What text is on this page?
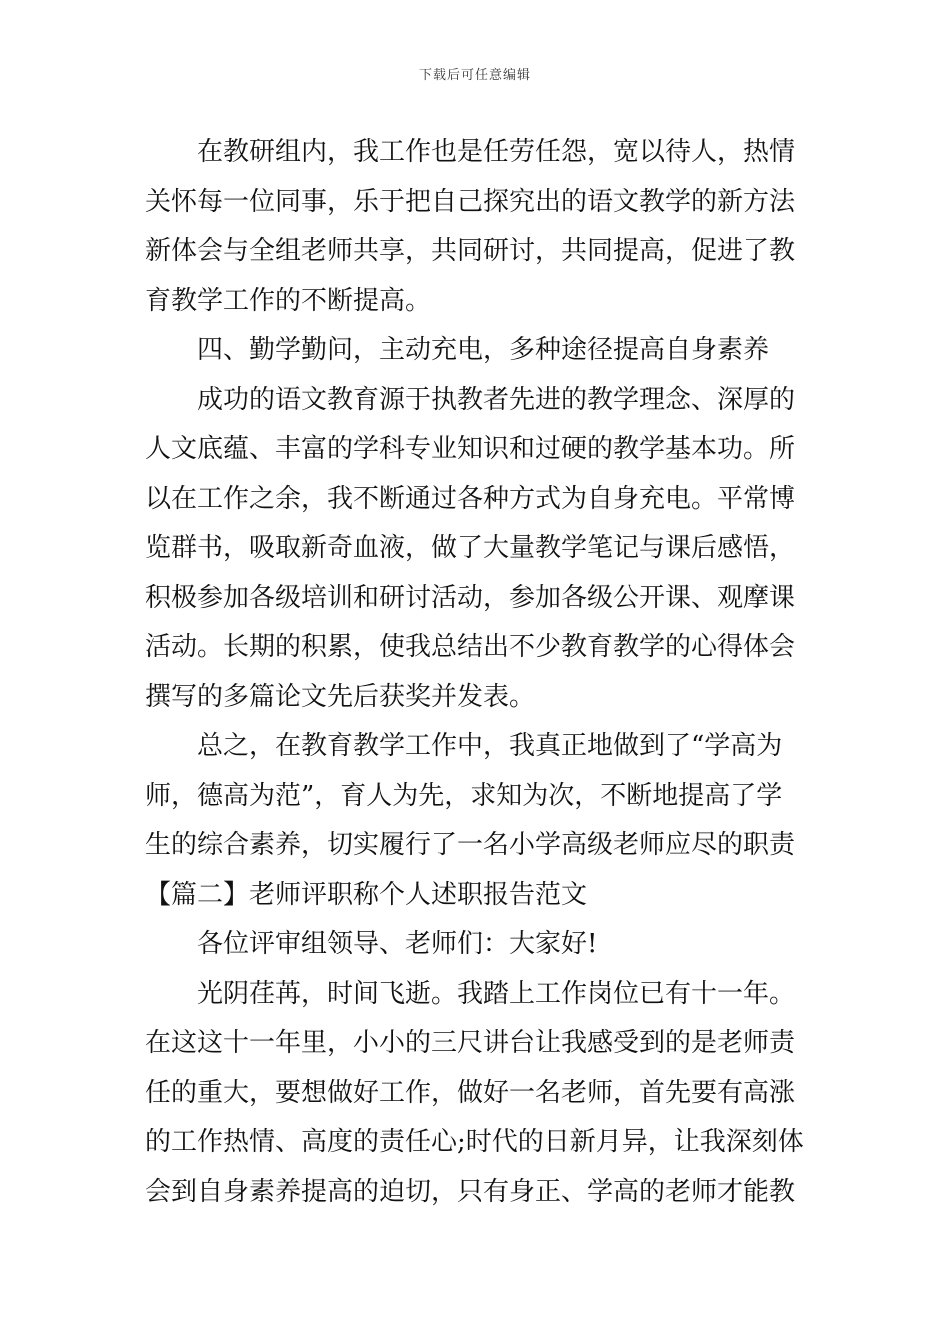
下载后可任意编辑

在教研组内，我工作也是任劳任怨，宽以待人，热情
关怀每一位同事，乐于把自己探究出的语文教学的新方法
新体会与全组老师共享，共同研讨，共同提高，促进了教
育教学工作的不断提高。

四、勤学勤问，主动充电，多种途径提高自身素养

成功的语文教育源于执教者先进的教学理念、深厚的
人文底蕴、丰富的学科专业知识和过硬的教学基本功。所
以在工作之余，我不断通过各种方式为自身充电。平常博
览群书，吸取新奇血液，做了大量教学笔记与课后感悟，
积极参加各级培训和研讨活动，参加各级公开课、观摩课
活动。长期的积累，使我总结出不少教育教学的心得体会
撰写的多篇论文先后获奖并发表。

总之，在教育教学工作中，我真正地做到了“学高为
师，德高为范”，育人为先，求知为次，不断地提高了学
生的综合素养，切实履行了一名小学高级老师应尽的职责

【篇二】老师评职称个人述职报告范文

各位评审组领导、老师们：大家好!

光阴荏苒，时间飞逝。我踏上工作岗位已有十一年。
在这这十一年里，小小的三尺讲台让我感受到的是老师责
任的重大，要想做好工作，做好一名老师，首先要有高涨
的工作热情、高度的责任心;时代的日新月异，让我深刻体
会到自身素养提高的迫切，只有身正、学高的老师才能教
